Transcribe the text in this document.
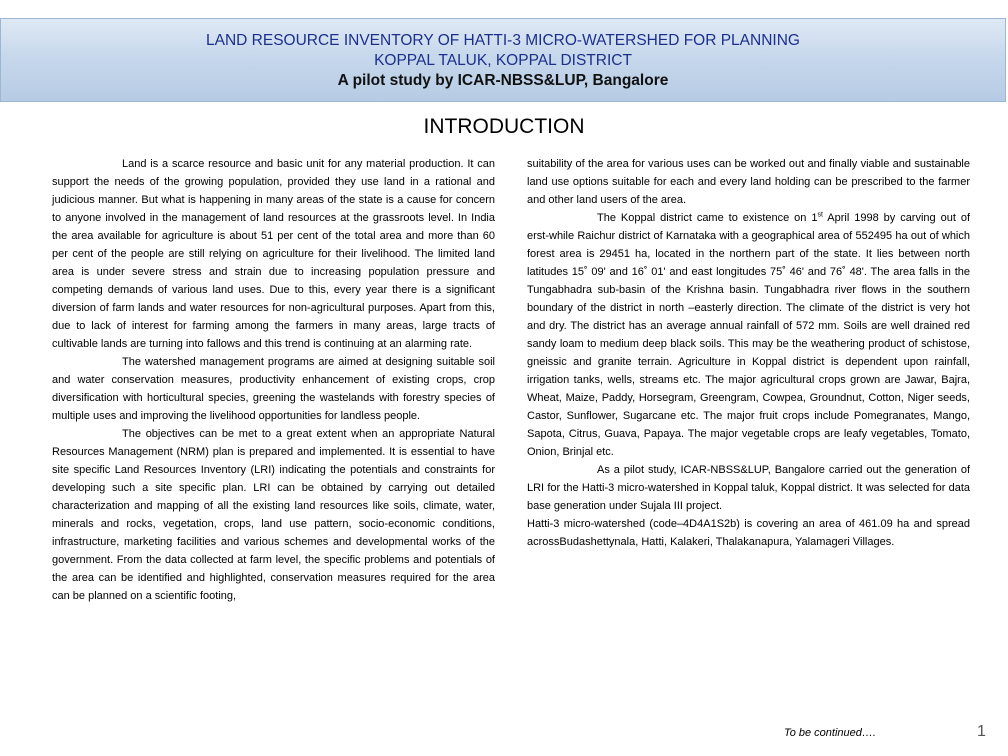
LAND RESOURCE INVENTORY OF HATTI-3 MICRO-WATERSHED FOR PLANNING
KOPPAL TALUK, KOPPAL DISTRICT
A pilot study by ICAR-NBSS&LUP, Bangalore
INTRODUCTION

Land is a scarce resource and basic unit for any material production. It can support the needs of the growing population, provided they use land in a rational and judicious manner. But what is happening in many areas of the state is a cause for concern to anyone involved in the management of land resources at the grassroots level. In India the area available for agriculture is about 51 per cent of the total area and more than 60 per cent of the people are still relying on agriculture for their livelihood. The limited land area is under severe stress and strain due to increasing population pressure and competing demands of various land uses. Due to this, every year there is a significant diversion of farm lands and water resources for non-agricultural purposes. Apart from this, due to lack of interest for farming among the farmers in many areas, large tracts of cultivable lands are turning into fallows and this trend is continuing at an alarming rate.

The watershed management programs are aimed at designing suitable soil and water conservation measures, productivity enhancement of existing crops, crop diversification with horticultural species, greening the wastelands with forestry species of multiple uses and improving the livelihood opportunities for landless people.

The objectives can be met to a great extent when an appropriate Natural Resources Management (NRM) plan is prepared and implemented. It is essential to have site specific Land Resources Inventory (LRI) indicating the potentials and constraints for developing such a site specific plan. LRI can be obtained by carrying out detailed characterization and mapping of all the existing land resources like soils, climate, water, minerals and rocks, vegetation, crops, land use pattern, socio-economic conditions, infrastructure, marketing facilities and various schemes and developmental works of the government. From the data collected at farm level, the specific problems and potentials of the area can be identified and highlighted, conservation measures required for the area can be planned on a scientific footing,

suitability of the area for various uses can be worked out and finally viable and sustainable land use options suitable for each and every land holding can be prescribed to the farmer and other land users of the area.

The Koppal district came to existence on 1st April 1998 by carving out of erst-while Raichur district of Karnataka with a geographical area of 552495 ha out of which forest area is 29451 ha, located in the northern part of the state. It lies between north latitudes 15˚ 09' and 16˚ 01' and east longitudes 75˚ 46' and 76˚ 48'. The area falls in the Tungabhadra sub-basin of the Krishna basin. Tungabhadra river flows in the southern boundary of the district in north –easterly direction. The climate of the district is very hot and dry. The district has an average annual rainfall of 572 mm. Soils are well drained red sandy loam to medium deep black soils. This may be the weathering product of schistose, gneissic and granite terrain. Agriculture in Koppal district is dependent upon rainfall, irrigation tanks, wells, streams etc. The major agricultural crops grown are Jawar, Bajra, Wheat, Maize, Paddy, Horsegram, Greengram, Cowpea, Groundnut, Cotton, Niger seeds, Castor, Sunflower, Sugarcane etc. The major fruit crops include Pomegranates, Mango, Sapota, Citrus, Guava, Papaya. The major vegetable crops are leafy vegetables, Tomato, Onion, Brinjal etc.

As a pilot study, ICAR-NBSS&LUP, Bangalore carried out the generation of LRI for the Hatti-3 micro-watershed in Koppal taluk, Koppal district. It was selected for data base generation under Sujala III project.

Hatti-3 micro-watershed (code–4D4A1S2b) is covering an area of 461.09 ha and spread acrossBudashettynala, Hatti, Kalakeri, Thalakanapura, Yalamageri Villages.

To be continued….	1
